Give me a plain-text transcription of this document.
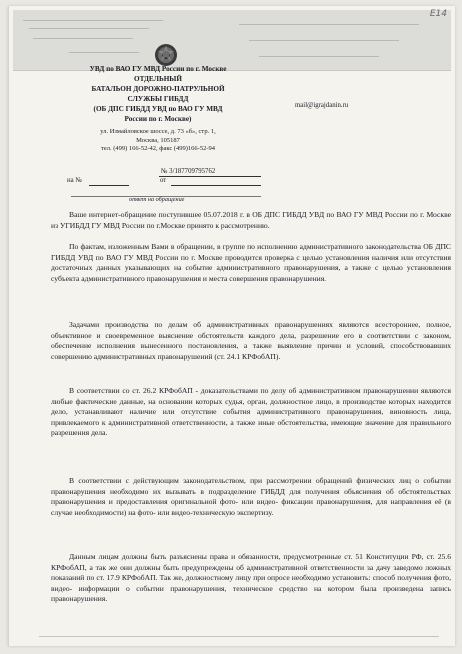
Е14
УВД по ВАО ГУ МВД России по г. Москве
ОТДЕЛЬНЫЙ
БАТАЛЬОН ДОРОЖНО-ПАТРУЛЬНОЙ
СЛУЖБЫ ГИБДД
(ОБ ДПС ГИБДД УВД по ВАО ГУ МВД
России по г. Москве)
ул. Измайловское шоссе, д. 73 «б», стр. 1,
Москва, 105187
тел. (499) 166-52-42, факс (499)166-52-94
mail@igrajdanin.ru
№ 3/187709795762
на №	от
ответ на обращение

Ваше интернет-обращение поступившее 05.07.2018 г. в ОБ ДПС ГИБДД УВД по ВАО ГУ МВД России по г. Москве из УГИБДД ГУ МВД России по г.Москве принято к рассмотрению.

По фактам, изложенным Вами в обращении, в группе по исполнению административного законодательства ОБ ДПС ГИБДД УВД по ВАО ГУ МВД России по г. Москве проводится проверка с целью установления наличия или отсутствия достаточных данных указывающих на событие административного правонарушения, а также с целью установления субъекта административного правонарушения и места совершения правонарушения.

Задачами производства по делам об административных правонарушениях являются всестороннее, полное, объективное и своевременное выяснение обстоятельств каждого дела, разрешение его в соответствии с законом, обеспечение исполнения вынесенного постановления, а также выявление причин и условий, способствовавших совершению административных правонарушений (ст. 24.1 КРФобАП).

В соответствии со ст. 26.2 КРФобАП - доказательствами по делу об административном правонарушении являются любые фактические данные, на основании которых судья, орган, должностное лицо, в производстве которых находится дело, устанавливают наличие или отсутствие события административного правонарушения, виновность лица, привлекаемого к административной ответственности, а также иные обстоятельства, имеющие значение для правильного разрешения дела.

В соответствии с действующим законодательством, при рассмотрении обращений физических лиц о событии правонарушения необходимо их вызывать в подразделение ГИБДД для получения объяснения об обстоятельствах правонарушения и предоставления оригинальной фото- или видео- фиксации правонарушения, для направления её (в случае необходимости) на фото- или видео-техническую экспертизу.

Данным лицам должны быть разъяснены права и обязанности, предусмотренные ст. 51 Конституции РФ, ст. 25.6 КРФобАП, а так же они должны быть предупреждены об административной ответственности за дачу заведомо ложных показаний по ст. 17.9 КРФобАП. Так же, должностному лицу при опросе необходимо установить: способ получения фото, видео- информации о событии правонарушения, техническое средство на котором была произведена запись правонарушения.
